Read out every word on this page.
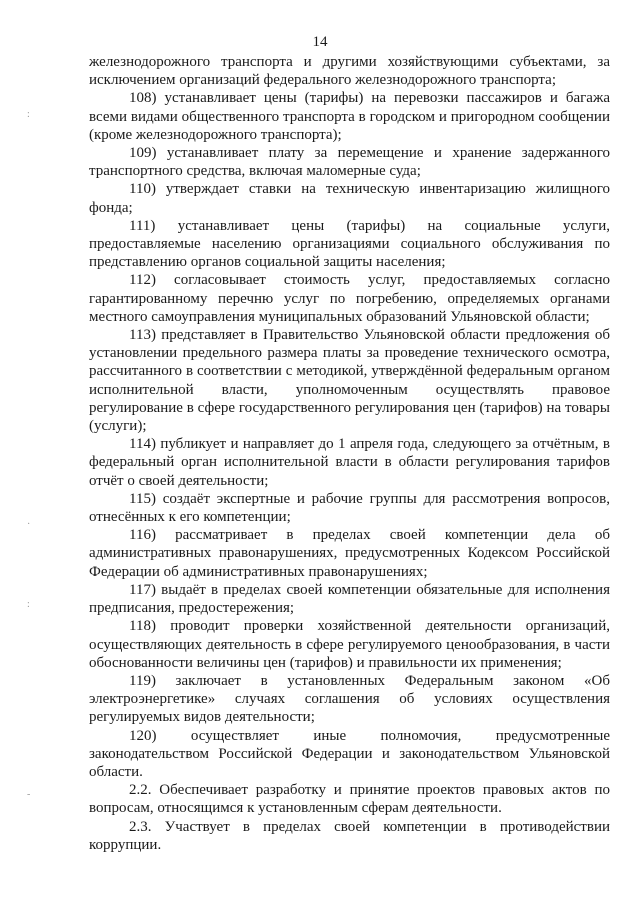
14

железнодорожного транспорта и другими хозяйствующими субъектами, за исключением организаций федерального железнодорожного транспорта;

108) устанавливает цены (тарифы) на перевозки пассажиров и багажа всеми видами общественного транспорта в городском и пригородном сообщении (кроме железнодорожного транспорта);

109) устанавливает плату за перемещение и хранение задержанного транспортного средства, включая маломерные суда;

110) утверждает ставки на техническую инвентаризацию жилищного фонда;

111) устанавливает цены (тарифы) на социальные услуги, предоставляемые населению организациями социального обслуживания по представлению органов социальной защиты населения;

112) согласовывает стоимость услуг, предоставляемых согласно гарантированному перечню услуг по погребению, определяемых органами местного самоуправления муниципальных образований Ульяновской области;

113) представляет в Правительство Ульяновской области предложения об установлении предельного размера платы за проведение технического осмотра, рассчитанного в соответствии с методикой, утверждённой федеральным органом исполнительной власти, уполномоченным осуществлять правовое регулирование в сфере государственного регулирования цен (тарифов) на товары (услуги);

114) публикует и направляет до 1 апреля года, следующего за отчётным, в федеральный орган исполнительной власти в области регулирования тарифов отчёт о своей деятельности;

115) создаёт экспертные и рабочие группы для рассмотрения вопросов, отнесённых к его компетенции;

116) рассматривает в пределах своей компетенции дела об административных правонарушениях, предусмотренных Кодексом Российской Федерации об административных правонарушениях;

117) выдаёт в пределах своей компетенции обязательные для исполнения предписания, предостережения;

118) проводит проверки хозяйственной деятельности организаций, осуществляющих деятельность в сфере регулируемого ценообразования, в части обоснованности величины цен (тарифов) и правильности их применения;

119) заключает в установленных Федеральным законом «Об электроэнергетике» случаях соглашения об условиях осуществления регулируемых видов деятельности;

120) осуществляет иные полномочия, предусмотренные законодательством Российской Федерации и законодательством Ульяновской области.

2.2. Обеспечивает разработку и принятие проектов правовых актов по вопросам, относящимся к установленным сферам деятельности.

2.3. Участвует в пределах своей компетенции в противодействии коррупции.

:
·
:
-
